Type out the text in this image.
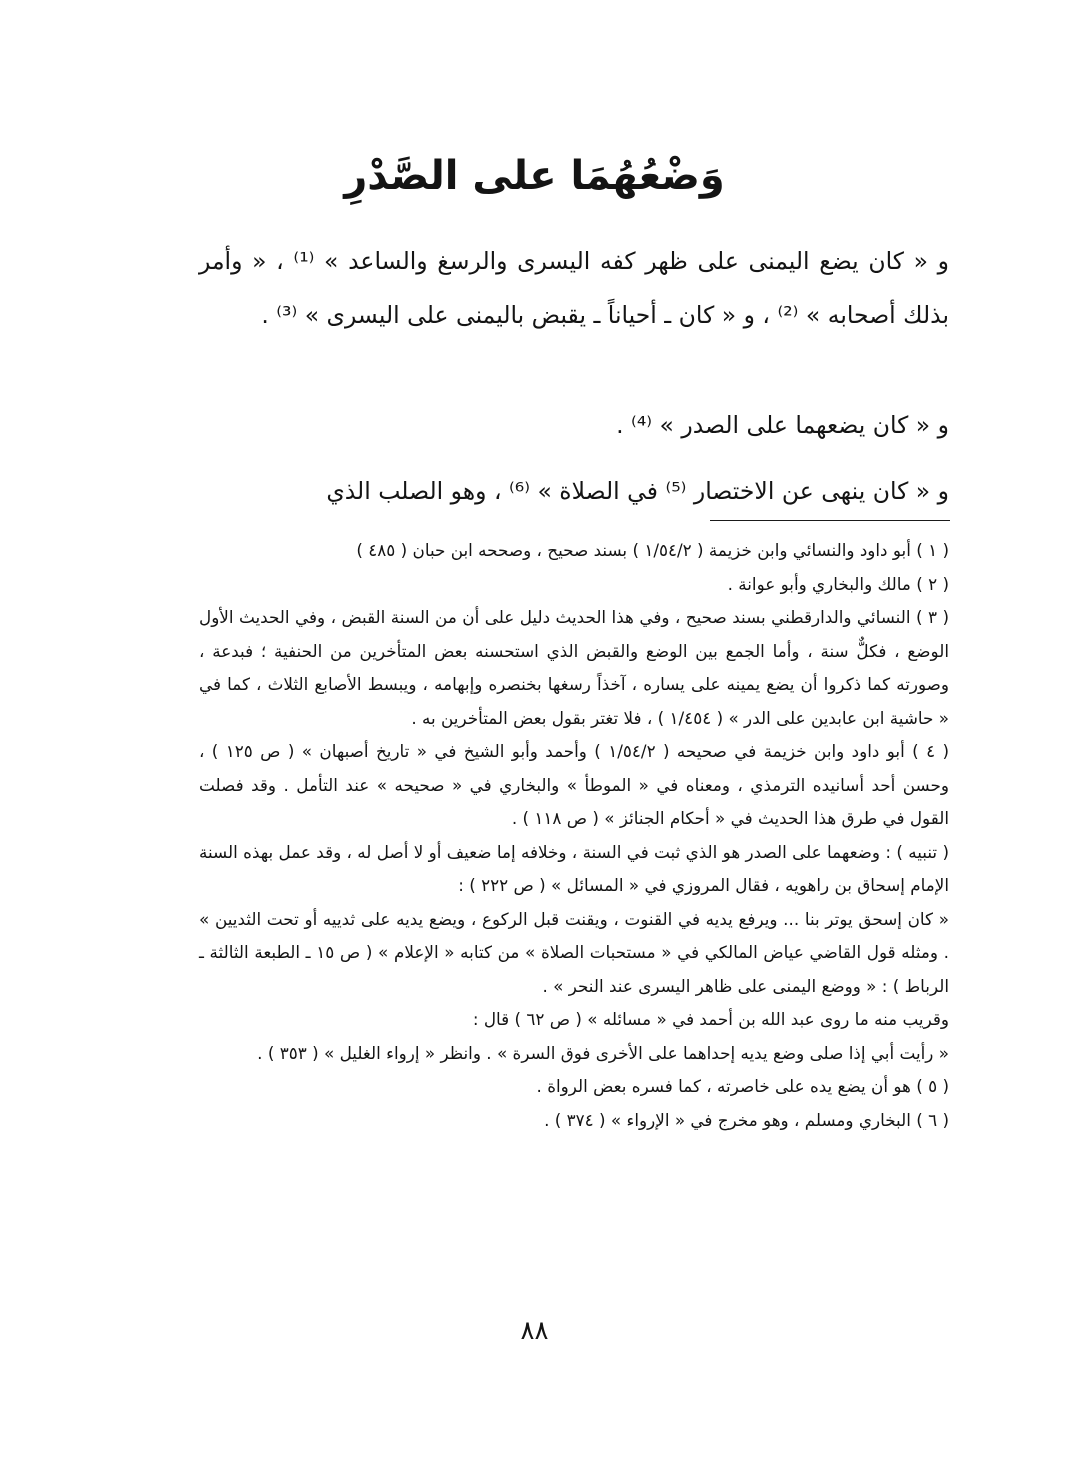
وَضْعُهُمَا على الصَّدْرِ

و « كان يضع اليمنى على ظهر كفه اليسرى والرسغ والساعد » ⁽¹⁾ ، « وأمر بذلك أصحابه » ⁽²⁾ ، و « كان ـ أحياناً ـ يقبض باليمنى على اليسرى » ⁽³⁾ .

و « كان يضعهما على الصدر » ⁽⁴⁾ .

و « كان ينهى عن الاختصار ⁽⁵⁾ في الصلاة » ⁽⁶⁾ ، وهو الصلب الذي

( ١ ) أبو داود والنسائي وابن خزيمة ( ١/٥٤/٢ ) بسند صحيح ، وصححه ابن حبان ( ٤٨٥ )

( ٢ ) مالك والبخاري وأبو عوانة .

( ٣ ) النسائي والدارقطني بسند صحيح ، وفي هذا الحديث دليل على أن من السنة القبض ، وفي الحديث الأول الوضع ، فكلٌّ سنة ، وأما الجمع بين الوضع والقبض الذي استحسنه بعض المتأخرين من الحنفية ؛ فبدعة ، وصورته كما ذكروا أن يضع يمينه على يساره ، آخذاً رسغها بخنصره وإبهامه ، ويبسط الأصابع الثلاث ، كما في « حاشية ابن عابدين على الدر » ( ١/٤٥٤ ) ، فلا تغتر بقول بعض المتأخرين به .

( ٤ ) أبو داود وابن خزيمة في صحيحه ( ١/٥٤/٢ ) وأحمد وأبو الشيخ في « تاريخ أصبهان » ( ص ١٢٥ ) ، وحسن أحد أسانيده الترمذي ، ومعناه في « الموطأ » والبخاري في « صحيحه » عند التأمل . وقد فصلت القول في طرق هذا الحديث في « أحكام الجنائز » ( ص ١١٨ ) .

( تنبيه ) : وضعهما على الصدر هو الذي ثبت في السنة ، وخلافه إما ضعيف أو لا أصل له ، وقد عمل بهذه السنة الإمام إسحاق بن راهويه ، فقال المروزي في « المسائل » ( ص ٢٢٢ ) :

« كان إسحق يوتر بنا ... ويرفع يديه في القنوت ، ويقنت قبل الركوع ، ويضع يديه على ثدييه أو تحت الثديين » . ومثله قول القاضي عياض المالكي في « مستحبات الصلاة » من كتابه « الإعلام » ( ص ١٥ ـ الطبعة الثالثة ـ الرباط ) : « ووضع اليمنى على ظاهر اليسرى عند النحر » .

وقريب منه ما روى عبد الله بن أحمد في « مسائله » ( ص ٦٢ ) قال :

« رأيت أبي إذا صلى وضع يديه إحداهما على الأخرى فوق السرة » . وانظر « إرواء الغليل » ( ٣٥٣ ) .

( ٥ ) هو أن يضع يده على خاصرته ، كما فسره بعض الرواة .

( ٦ ) البخاري ومسلم ، وهو مخرج في « الإرواء » ( ٣٧٤ ) .

٨٨
